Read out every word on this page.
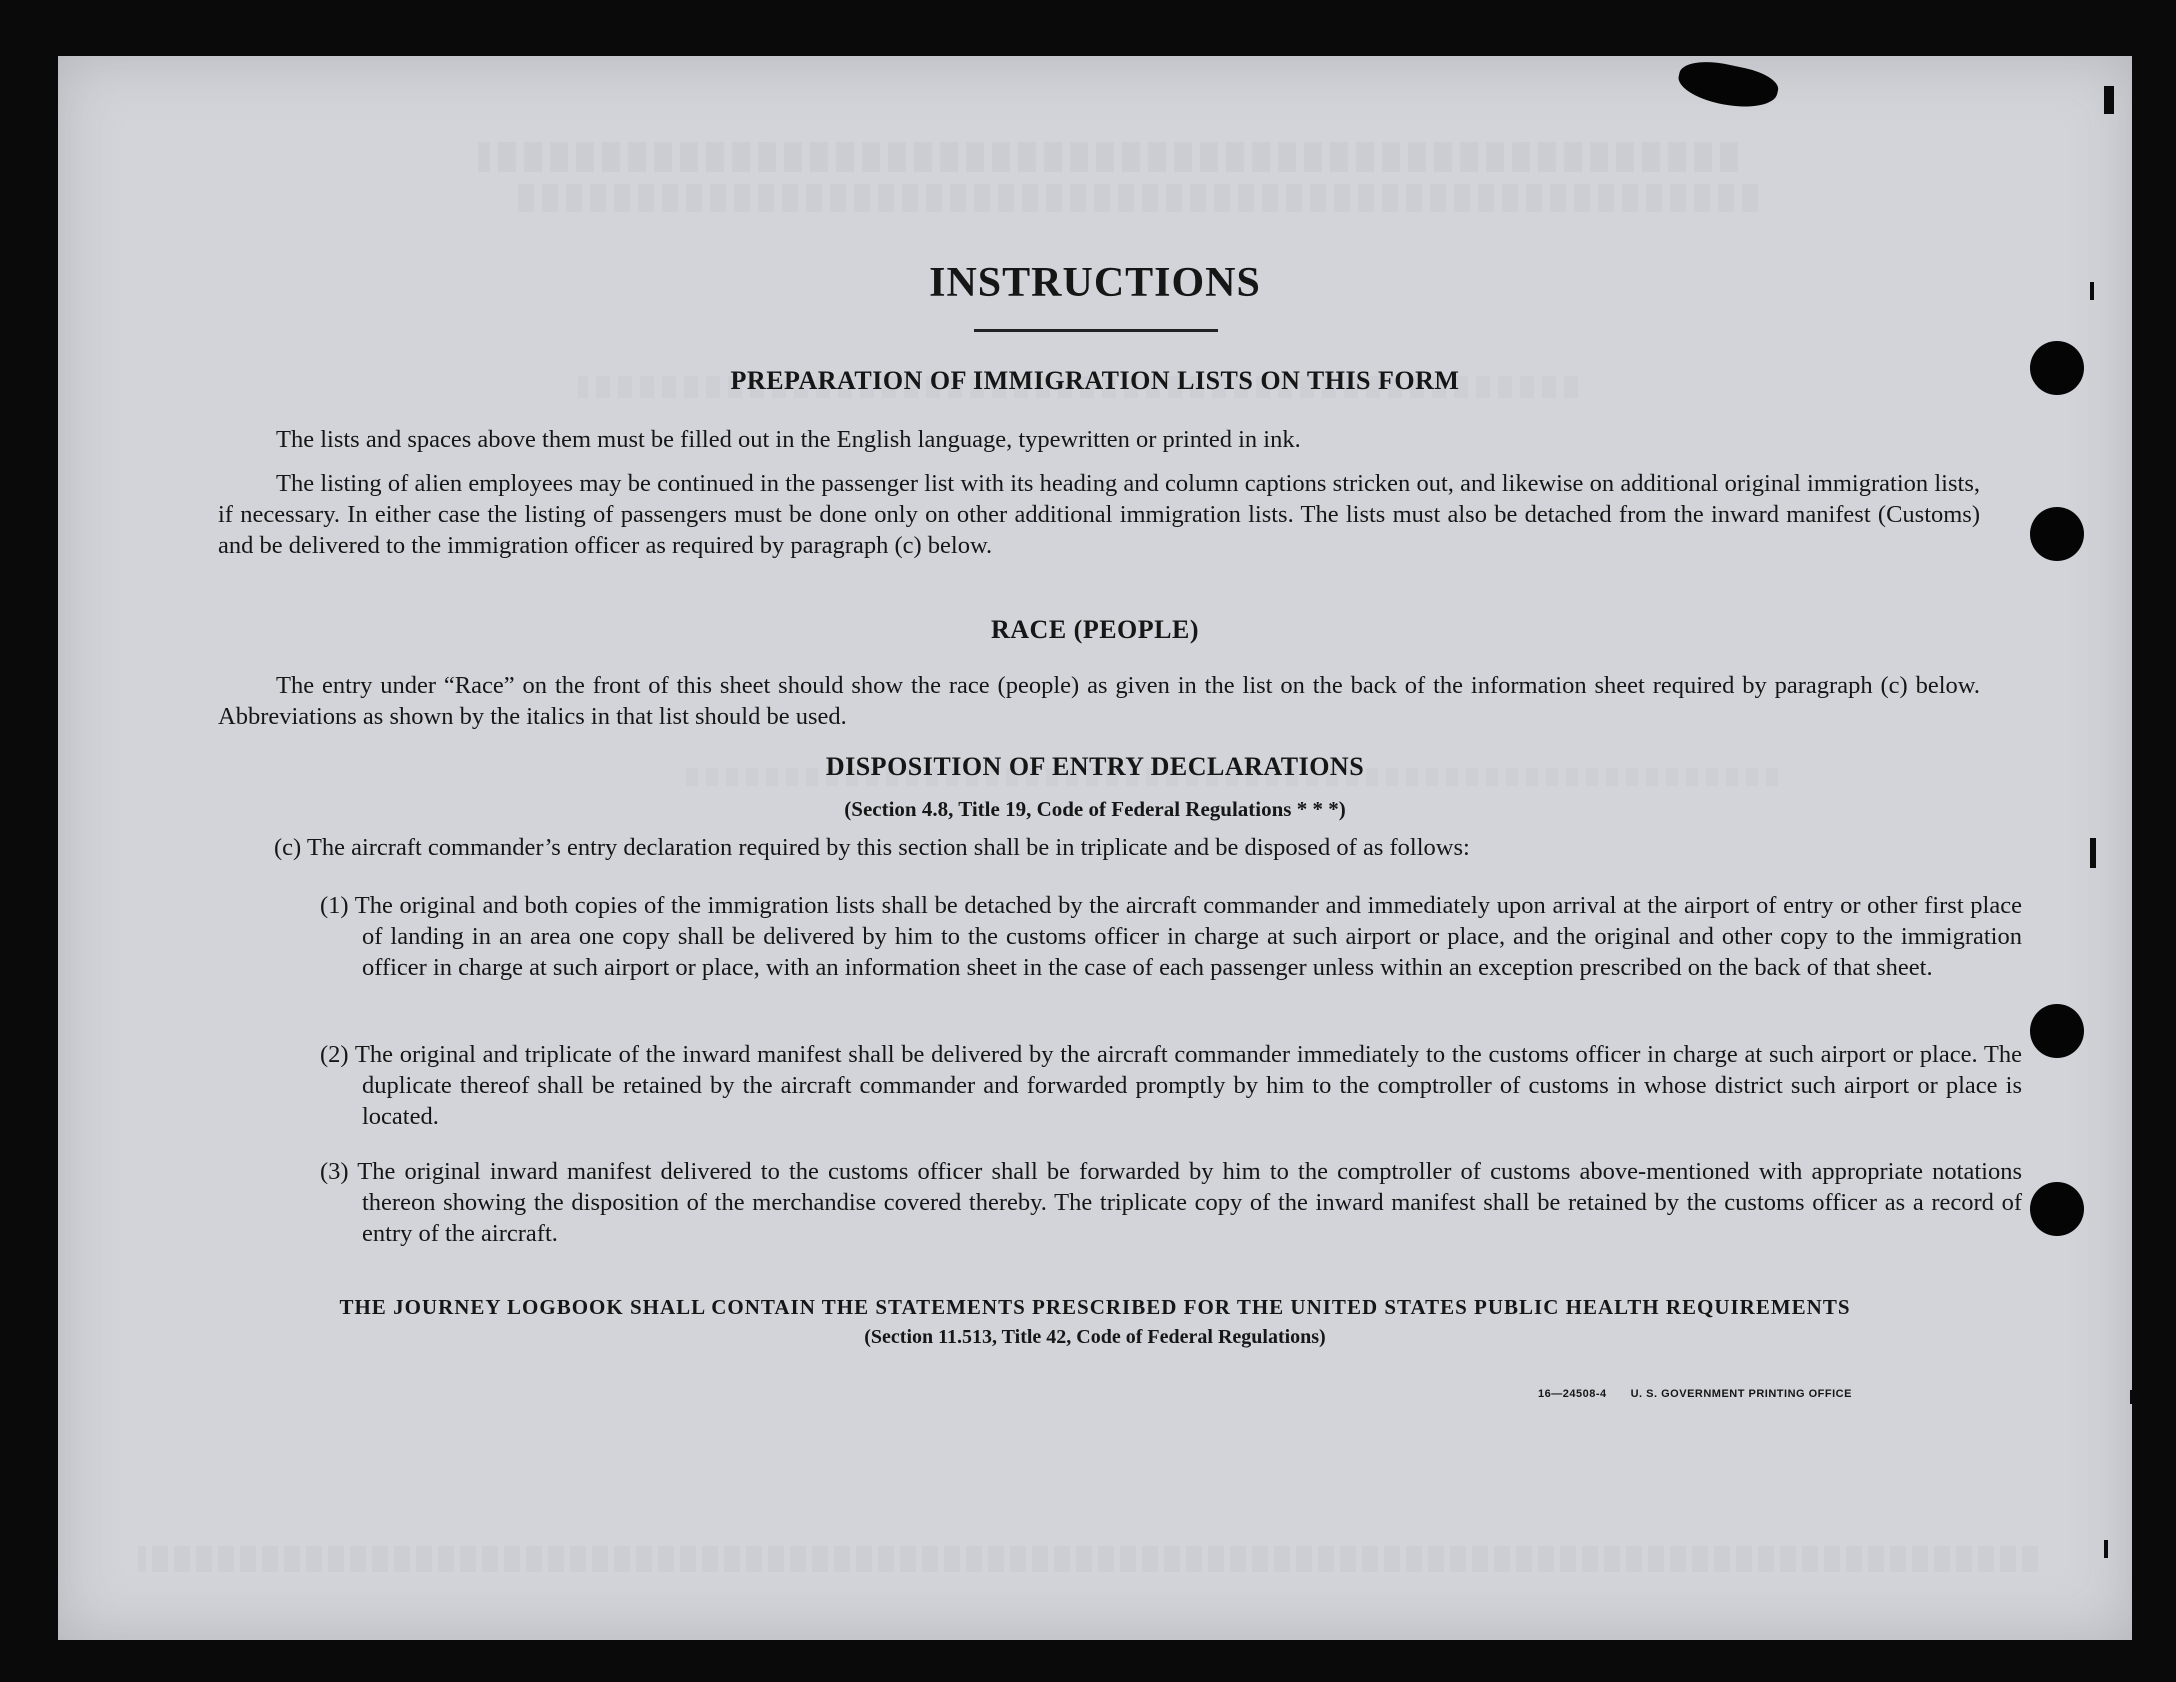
INSTRUCTIONS
PREPARATION OF IMMIGRATION LISTS ON THIS FORM
The lists and spaces above them must be filled out in the English language, typewritten or printed in ink.
The listing of alien employees may be continued in the passenger list with its heading and column captions stricken out, and likewise on additional original immigration lists, if necessary. In either case the listing of passengers must be done only on other additional immigration lists. The lists must also be detached from the inward manifest (Customs) and be delivered to the immigration officer as required by paragraph (c) below.
RACE (PEOPLE)
The entry under “Race” on the front of this sheet should show the race (people) as given in the list on the back of the information sheet required by paragraph (c) below. Abbreviations as shown by the italics in that list should be used.
DISPOSITION OF ENTRY DECLARATIONS
(Section 4.8, Title 19, Code of Federal Regulations * * *)
(c) The aircraft commander’s entry declaration required by this section shall be in triplicate and be disposed of as follows:
(1) The original and both copies of the immigration lists shall be detached by the aircraft commander and immediately upon arrival at the airport of entry or other first place of landing in an area one copy shall be delivered by him to the customs officer in charge at such airport or place, and the original and other copy to the immigration officer in charge at such airport or place, with an information sheet in the case of each passenger unless within an exception prescribed on the back of that sheet.
(2) The original and triplicate of the inward manifest shall be delivered by the aircraft commander immediately to the customs officer in charge at such airport or place. The duplicate thereof shall be retained by the aircraft commander and forwarded promptly by him to the comptroller of customs in whose district such airport or place is located.
(3) The original inward manifest delivered to the customs officer shall be forwarded by him to the comptroller of customs above-mentioned with appropriate notations thereon showing the disposition of the merchandise covered thereby. The triplicate copy of the inward manifest shall be retained by the customs officer as a record of entry of the aircraft.
THE JOURNEY LOGBOOK SHALL CONTAIN THE STATEMENTS PRESCRIBED FOR THE UNITED STATES PUBLIC HEALTH REQUIREMENTS
(Section 11.513, Title 42, Code of Federal Regulations)
16—24508-4 U. S. GOVERNMENT PRINTING OFFICE
